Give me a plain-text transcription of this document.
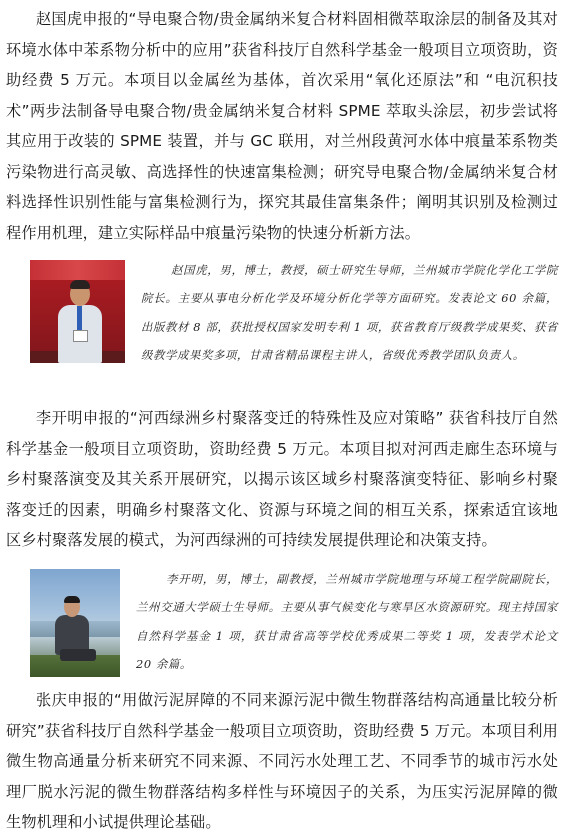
赵国虎申报的“导电聚合物/贵金属纳米复合材料固相微萃取涂层的制备及其对环境水体中苯系物分析中的应用”获省科技厅自然科学基金一般项目立项资助，资助经费 5 万元。本项目以金属丝为基体，首次采用“氧化还原法”和 “电沉积技术”两步法制备导电聚合物/贵金属纳米复合材料 SPME 萃取头涂层，初步尝试将其应用于改装的 SPME 装置，并与 GC 联用，对兰州段黄河水体中痕量苯系物类污染物进行高灵敏、高选择性的快速富集检测；研究导电聚合物/金属纳米复合材料选择性识别性能与富集检测行为，探究其最佳富集条件；阐明其识别及检测过程作用机理，建立实际样品中痕量污染物的快速分析新方法。

赵国虎，男，博士，教授，硕士研究生导师，兰州城市学院化学化工学院院长。主要从事电分析化学及环境分析化学等方面研究。发表论文 60 余篇，出版教材 8 部，获批授权国家发明专利 1 项，获省教育厅级教学成果奖、获省级教学成果奖多项，甘肃省精品课程主讲人，省级优秀教学团队负责人。

李开明申报的“河西绿洲乡村聚落变迁的特殊性及应对策略” 获省科技厅自然科学基金一般项目立项资助，资助经费 5 万元。本项目拟对河西走廊生态环境与乡村聚落演变及其关系开展研究，以揭示该区域乡村聚落演变特征、影响乡村聚落变迁的因素，明确乡村聚落文化、资源与环境之间的相互关系，探索适宜该地区乡村聚落发展的模式，为河西绿洲的可持续发展提供理论和决策支持。

李开明，男，博士，副教授，兰州城市学院地理与环境工程学院副院长，兰州交通大学硕士生导师。主要从事气候变化与寒旱区水资源研究。现主持国家自然科学基金 1 项，获甘肃省高等学校优秀成果二等奖 1 项，发表学术论文 20 余篇。

张庆申报的“用做污泥屏障的不同来源污泥中微生物群落结构高通量比较分析研究”获省科技厅自然科学基金一般项目立项资助，资助经费 5 万元。本项目利用微生物高通量分析来研究不同来源、不同污水处理工艺、不同季节的城市污水处理厂脱水污泥的微生物群落结构多样性与环境因子的关系，为压实污泥屏障的微生物机理和小试提供理论基础。
